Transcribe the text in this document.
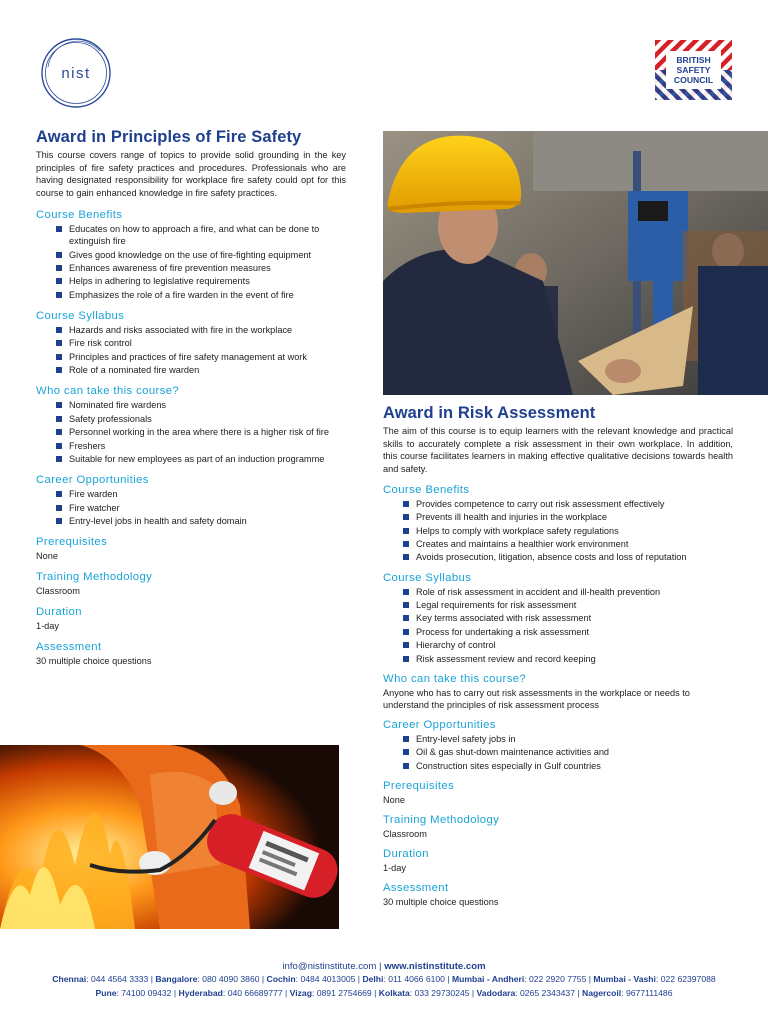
nist
BRITISH
SAFETY
COUNCIL
Award in Principles of Fire Safety

This course covers range of topics to provide solid grounding in the key principles of fire safety practices and procedures. Professionals who are having designated responsibility for workplace fire safety could opt for this course to gain enhanced knowledge in fire safety practices.

Course Benefits
Educates on how to approach a fire, and what can be done to extinguish fire
Gives good knowledge on the use of fire-fighting equipment
Enhances awareness of fire prevention measures
Helps in adhering to legislative requirements
Emphasizes the role of a fire warden in the event of fire
Course Syllabus
Hazards and risks associated with fire in the workplace
Fire risk control
Principles and practices of fire safety management at work
Role of a nominated fire warden
Who can take this course?
Nominated fire wardens
Safety professionals
Personnel working in the area where there is a higher risk of fire
Freshers
Suitable for new employees as part of an induction programme
Career Opportunities
Fire warden
Fire watcher
Entry-level jobs in health and safety domain
Prerequisites

None

Training Methodology

Classroom

Duration

1-day

Assessment

30 multiple choice questions

Award in Risk Assessment

The aim of this course is to equip learners with the relevant knowledge and practical skills to accurately complete a risk assessment in their own workplace. In addition, this course facilitates learners in making effective qualitative decisions towards health and safety.

Course Benefits
Provides competence to carry out risk assessment effectively
Prevents ill health and injuries in the workplace
Helps to comply with workplace safety regulations
Creates and maintains a healthier work environment
Avoids prosecution, litigation, absence costs and loss of reputation
Course Syllabus
Role of risk assessment in accident and ill-health prevention
Legal requirements for risk assessment
Key terms associated with risk assessment
Process for undertaking a risk assessment
Hierarchy of control
Risk assessment review and record keeping
Who can take this course?

Anyone who has to carry out risk assessments in the workplace or needs to understand the principles of risk assessment process

Career Opportunities
Entry-level safety jobs in
Oil & gas shut-down maintenance activities and
Construction sites especially in Gulf countries
Prerequisites

None

Training Methodology

Classroom

Duration

1-day

Assessment

30 multiple choice questions

info@nistinstitute.com | www.nistinstitute.com
Chennai: 044 4564 3333 | Bangalore: 080 4090 3860 | Cochin: 0484 4013005 | Delhi: 011 4066 6100 | Mumbai - Andheri: 022 2920 7755 | Mumbai - Vashi: 022 62397088
Pune: 74100 09432 | Hyderabad: 040 66689777 | Vizag: 0891 2754669 | Kolkata: 033 29730245 | Vadodara: 0265 2343437 | Nagercoil: 9677111486
